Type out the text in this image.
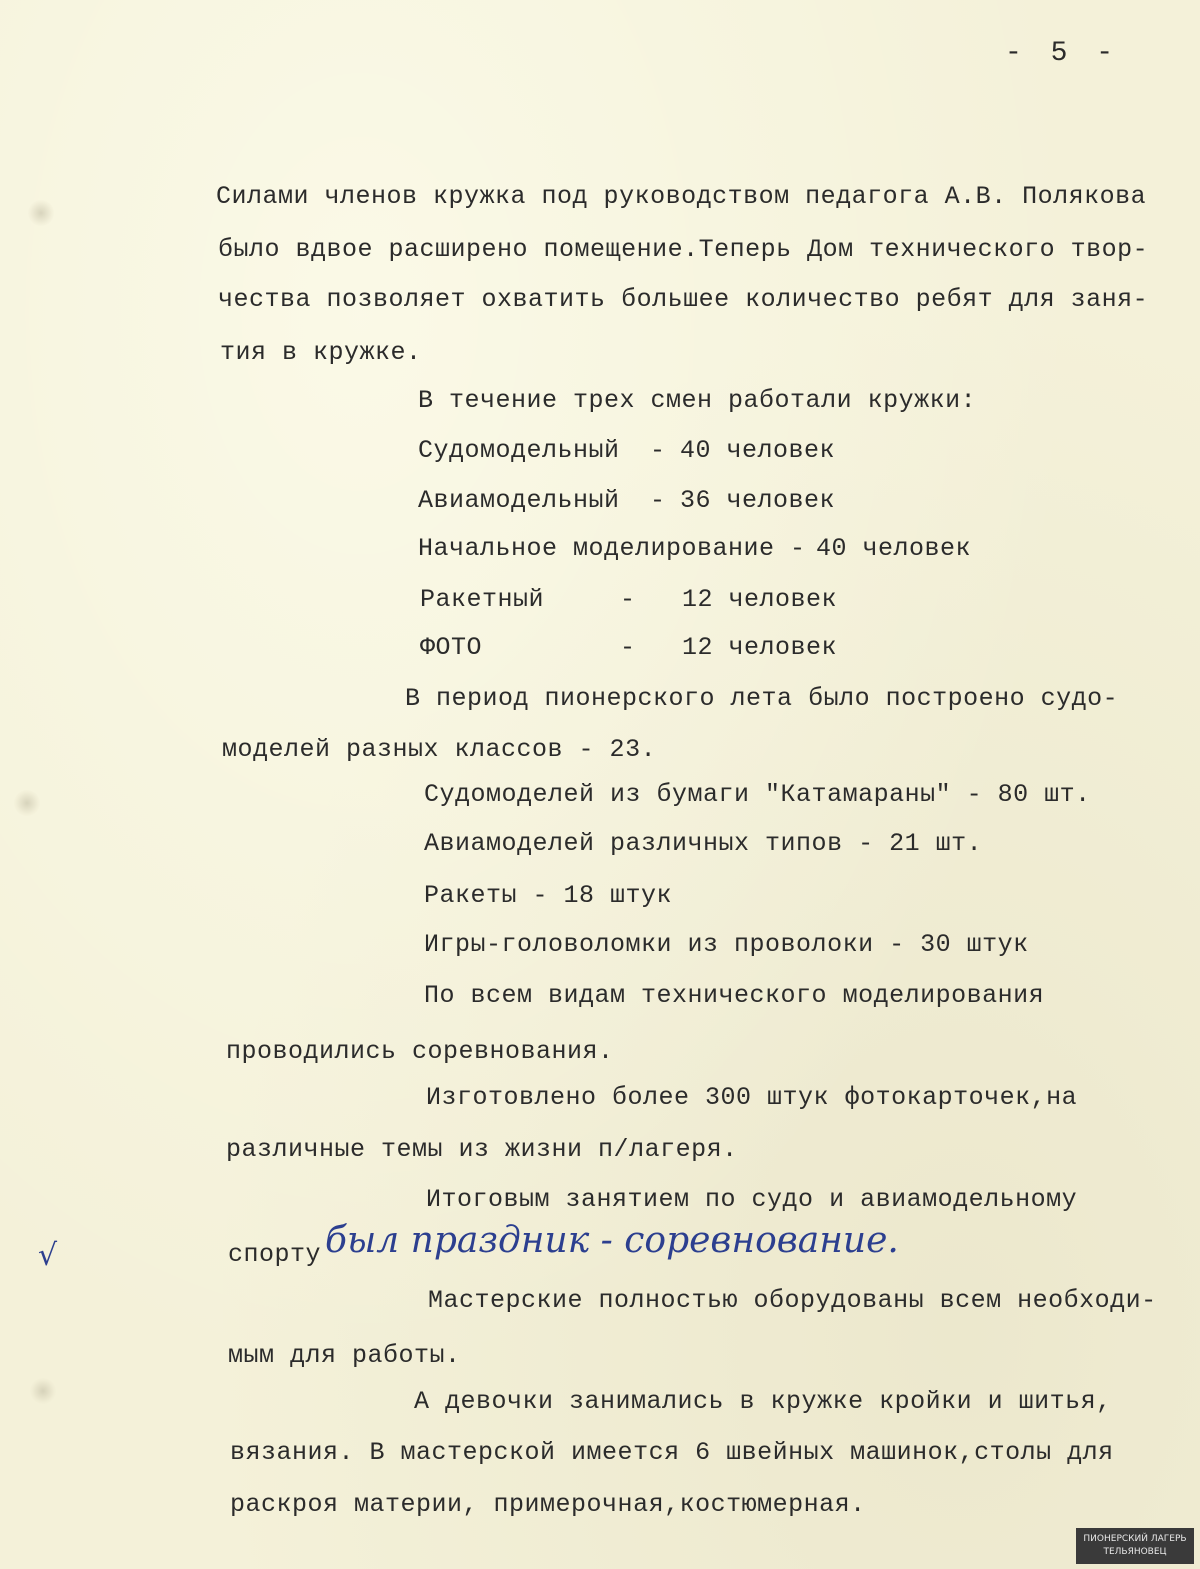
- 5 -
Силами членов кружка под руководством педагога А.В. Полякова
было вдвое расширено помещение.Теперь Дом технического твор-
чества позволяет охватить большее количество ребят для заня-
тия в кружке.
В течение трех смен работали кружки:
Судомодельный - 40 человек
Авиамодельный - 36 человек
Начальное моделирование - 40 человек
Ракетный	- 12 человек
ФОТО	- 12 человек
В период пионерского лета было построено судо-
моделей разных классов - 23.
Судомоделей из бумаги "Катамараны" - 80 шт.
Авиамоделей различных типов - 21 шт.
Ракеты - 18 штук
Игры-головоломки из проволоки - 30 штук
По всем видам технического моделирования
проводились соревнования.
Изготовлено более 300 штук фотокарточек,на
различные темы из жизни п/лагеря.
Итоговым занятием по судо и авиамодельному
спорту был праздник - соревнование.
√
Мастерские полностью оборудованы всем необходи-
мым для работы.
А девочки занимались в кружке кройки и шитья,
вязания. В мастерской имеется 6 швейных машинок,столы для
раскроя материи, примерочная,костюмерная.
ПИОНЕРСКИЙ ЛАГЕРЬ
ТЕЛЬЯНОВЕЦ
